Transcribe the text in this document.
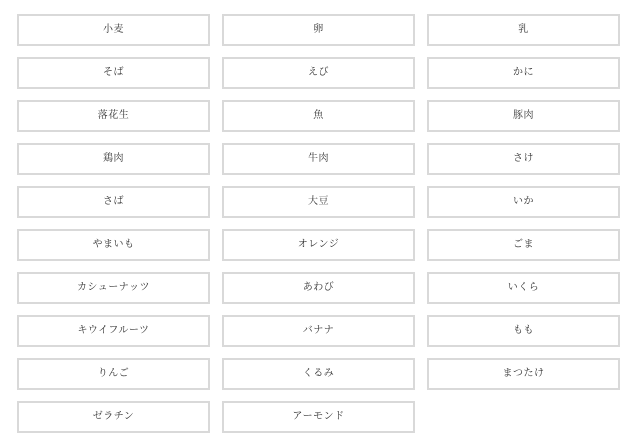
小麦	卵	乳
そば	えび	かに
落花生	魚	豚肉
鶏肉	牛肉	さけ
さば	大豆	いか
やまいも	オレンジ	ごま
カシューナッツ	あわび	いくら
キウイフルーツ	バナナ	もも
りんご	くるみ	まつたけ
ゼラチン	アーモンド
